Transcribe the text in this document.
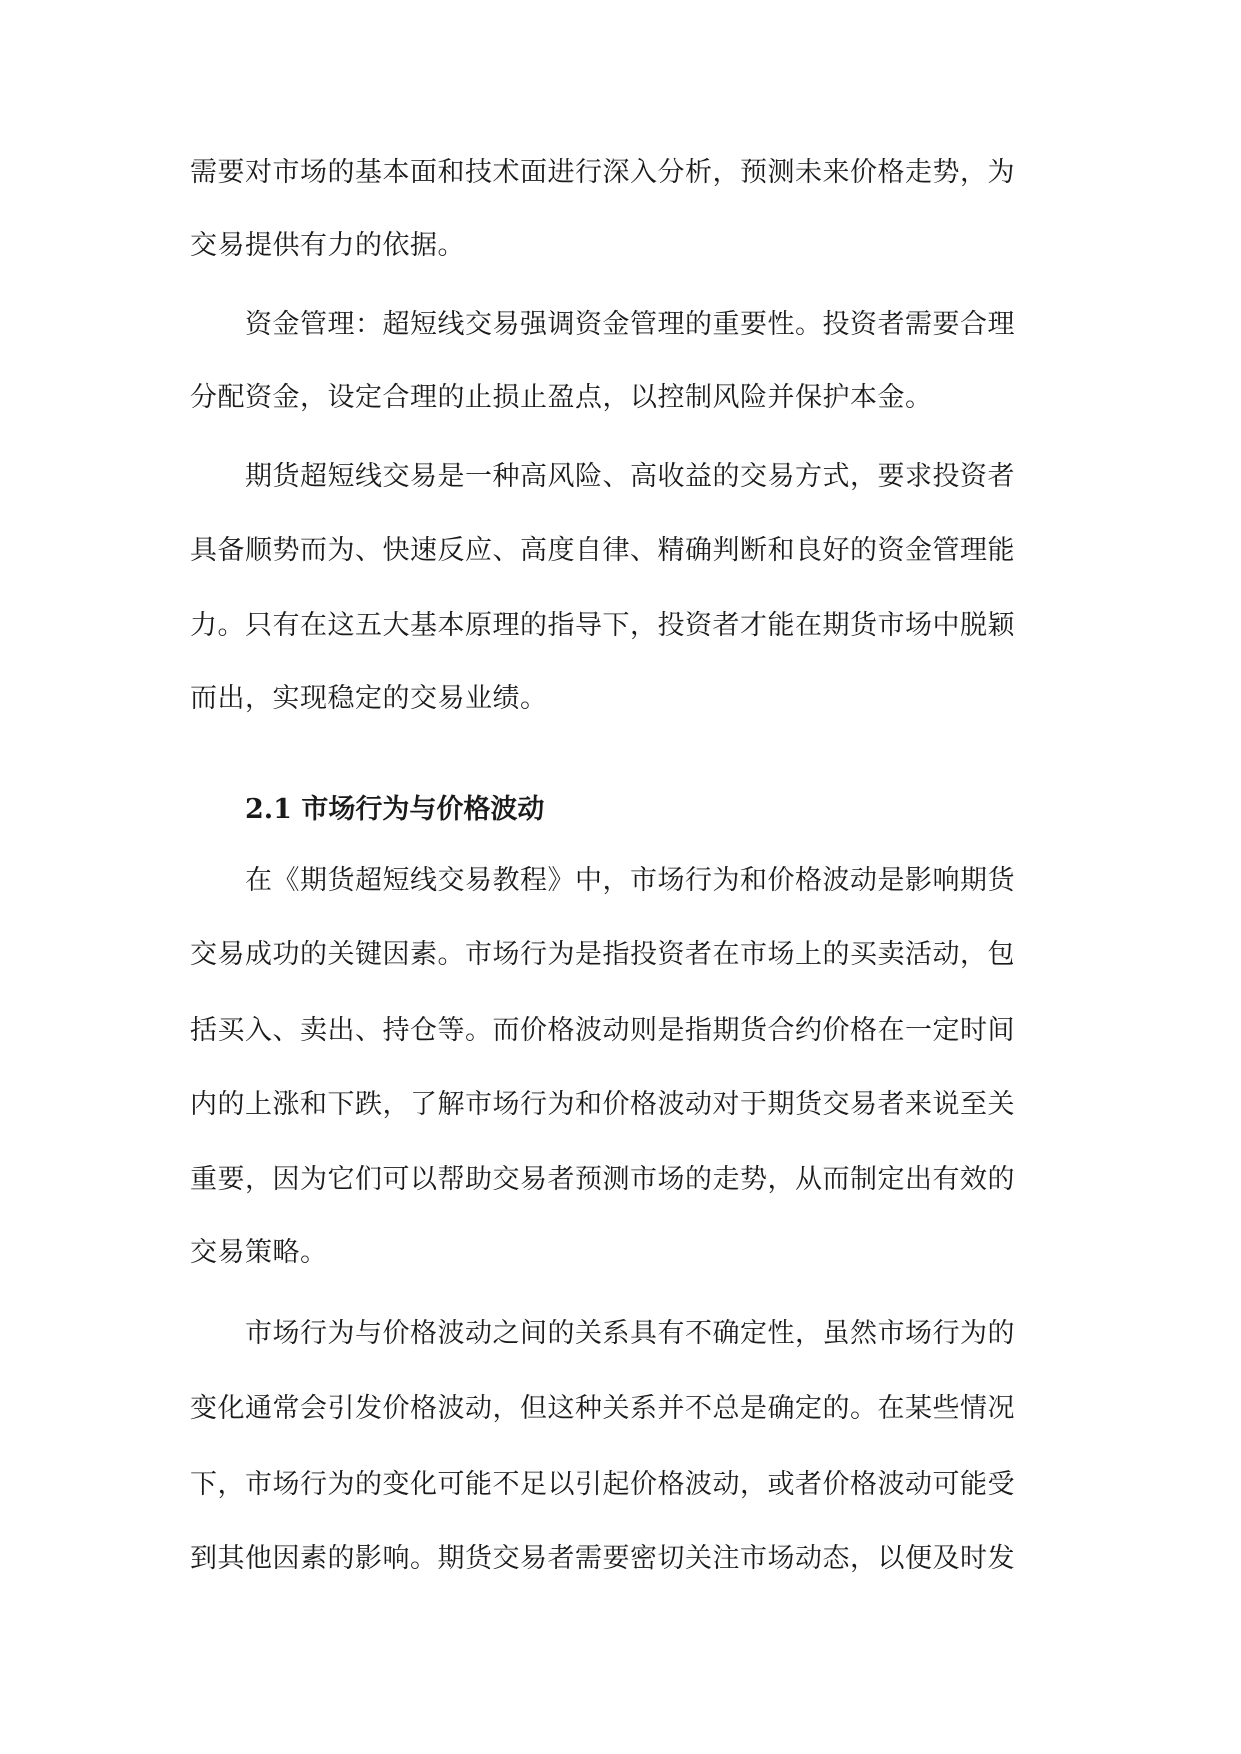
需要对市场的基本面和技术面进行深入分析，预测未来价格走势，为
交易提供有力的依据。
　　资金管理：超短线交易强调资金管理的重要性。投资者需要合理
分配资金，设定合理的止损止盈点，以控制风险并保护本金。
　　期货超短线交易是一种高风险、高收益的交易方式，要求投资者
具备顺势而为、快速反应、高度自律、精确判断和良好的资金管理能
力。只有在这五大基本原理的指导下，投资者才能在期货市场中脱颖
而出，实现稳定的交易业绩。
2.1 市场行为与价格波动
　　在《期货超短线交易教程》中，市场行为和价格波动是影响期货
交易成功的关键因素。市场行为是指投资者在市场上的买卖活动，包
括买入、卖出、持仓等。而价格波动则是指期货合约价格在一定时间
内的上涨和下跌，了解市场行为和价格波动对于期货交易者来说至关
重要，因为它们可以帮助交易者预测市场的走势，从而制定出有效的
交易策略。
　　市场行为与价格波动之间的关系具有不确定性，虽然市场行为的
变化通常会引发价格波动，但这种关系并不总是确定的。在某些情况
下，市场行为的变化可能不足以引起价格波动，或者价格波动可能受
到其他因素的影响。期货交易者需要密切关注市场动态，以便及时发
